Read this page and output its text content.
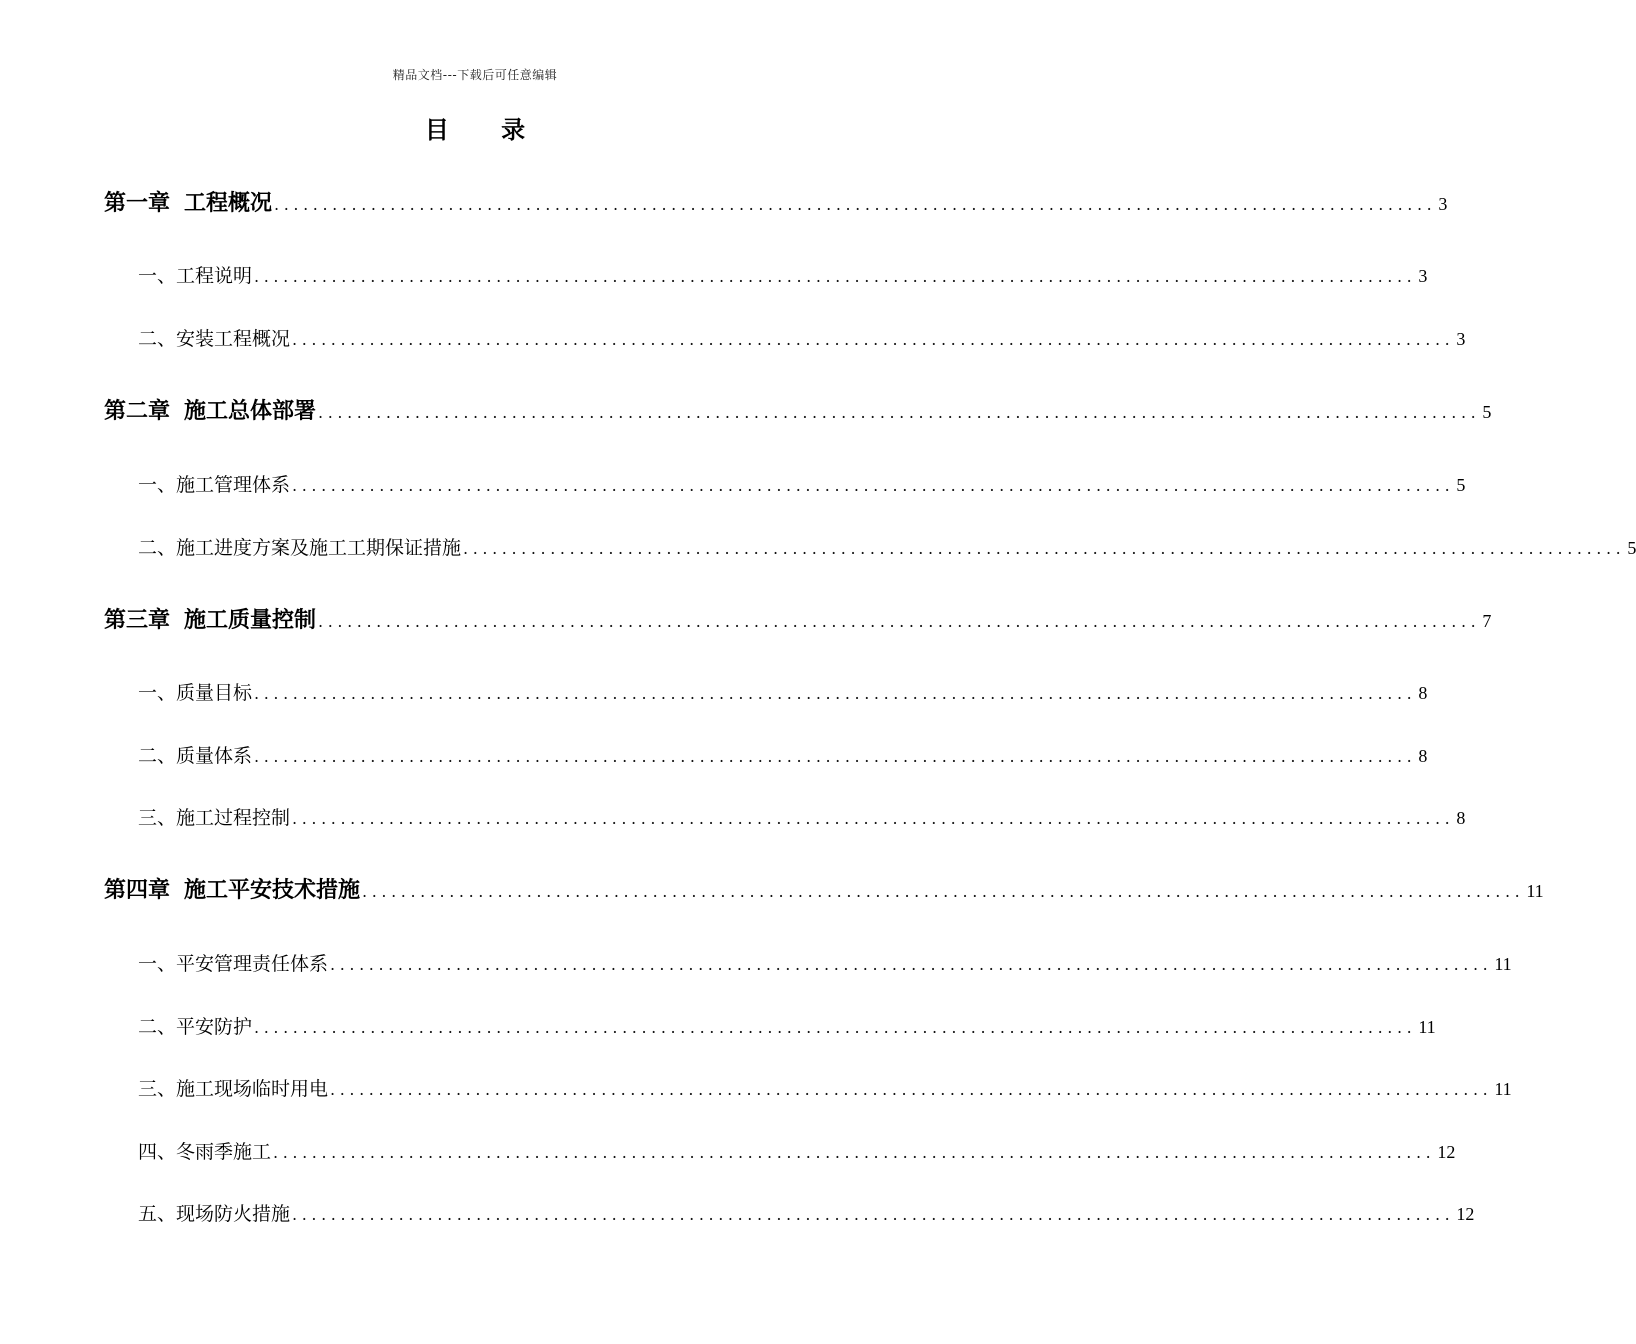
精品文档---下载后可任意编辑
目 录
第一章 工程概况 ........................................................................................................................ 3
一、工程说明 ........................................................................................................................ 3
二、安装工程概况 ........................................................................................................................ 3
第二章 施工总体部署 ........................................................................................................................ 5
一、施工管理体系 ........................................................................................................................ 5
二、施工进度方案及施工工期保证措施 ........................................................................................................................ 5
第三章 施工质量控制 ........................................................................................................................ 7
一、质量目标 ........................................................................................................................ 8
二、质量体系 ........................................................................................................................ 8
三、施工过程控制 ........................................................................................................................ 8
第四章 施工平安技术措施 ........................................................................................................................ 11
一、平安管理责任体系 ........................................................................................................................ 11
二、平安防护 ........................................................................................................................ 11
三、施工现场临时用电 ........................................................................................................................ 11
四、冬雨季施工 ........................................................................................................................ 12
五、现场防火措施 ........................................................................................................................ 12
